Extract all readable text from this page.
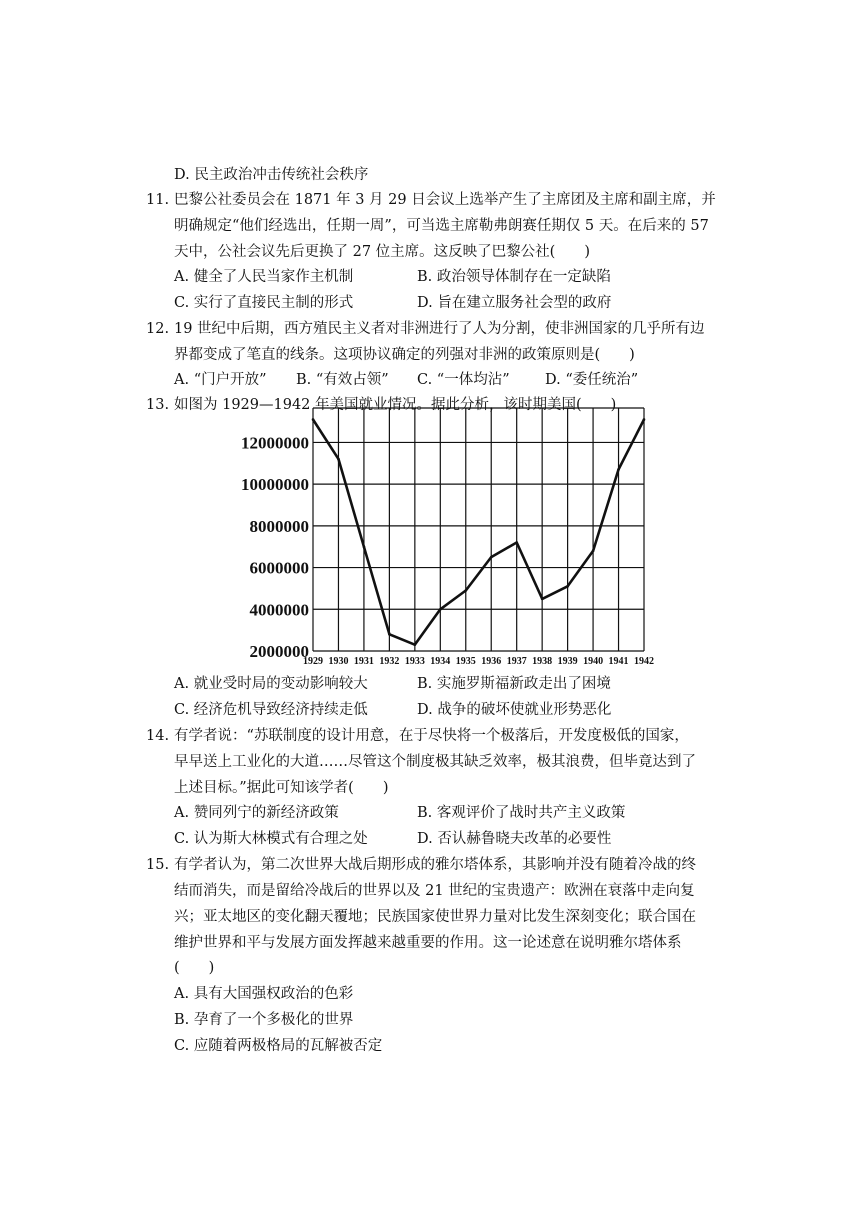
D. 民主政治冲击传统社会秩序
11. 巴黎公社委员会在 1871 年 3 月 29 日会议上选举产生了主席团及主席和副主席，并
明确规定“他们经选出，任期一周”，可当选主席勒弗朗赛任期仅 5 天。在后来的 57
天中，公社会议先后更换了 27 位主席。这反映了巴黎公社(　　)
A. 健全了人民当家作主机制	B. 政治领导体制存在一定缺陷
C. 实行了直接民主制的形式	D. 旨在建立服务社会型的政府
12. 19 世纪中后期，西方殖民主义者对非洲进行了人为分割，使非洲国家的几乎所有边
界都变成了笔直的线条。这项协议确定的列强对非洲的政策原则是(　　)
A. “门户开放” B. “有效占领” C. “一体均沾” D. “委任统治”
13. 如图为 1929—1942 年美国就业情况。据此分析，该时期美国(　　)
2000000
4000000
6000000
8000000
10000000
12000000
1929 1930 1931 1932 1933 1934 1935 1936 1937 1938 1939 1940 1941 1942
A. 就业受时局的变动影响较大	B. 实施罗斯福新政走出了困境
C. 经济危机导致经济持续走低	D. 战争的破坏使就业形势恶化
14. 有学者说：“苏联制度的设计用意，在于尽快将一个极落后，开发度极低的国家，
早早送上工业化的大道……尽管这个制度极其缺乏效率，极其浪费，但毕竟达到了
上述目标。”据此可知该学者(　　)
A. 赞同列宁的新经济政策	B. 客观评价了战时共产主义政策
C. 认为斯大林模式有合理之处	D. 否认赫鲁晓夫改革的必要性
15. 有学者认为，第二次世界大战后期形成的雅尔塔体系，其影响并没有随着冷战的终
结而消失，而是留给冷战后的世界以及 21 世纪的宝贵遗产：欧洲在衰落中走向复
兴；亚太地区的变化翻天覆地；民族国家使世界力量对比发生深刻变化；联合国在
维护世界和平与发展方面发挥越来越重要的作用。这一论述意在说明雅尔塔体系
(　　)
A. 具有大国强权政治的色彩
B. 孕育了一个多极化的世界
C. 应随着两极格局的瓦解被否定
